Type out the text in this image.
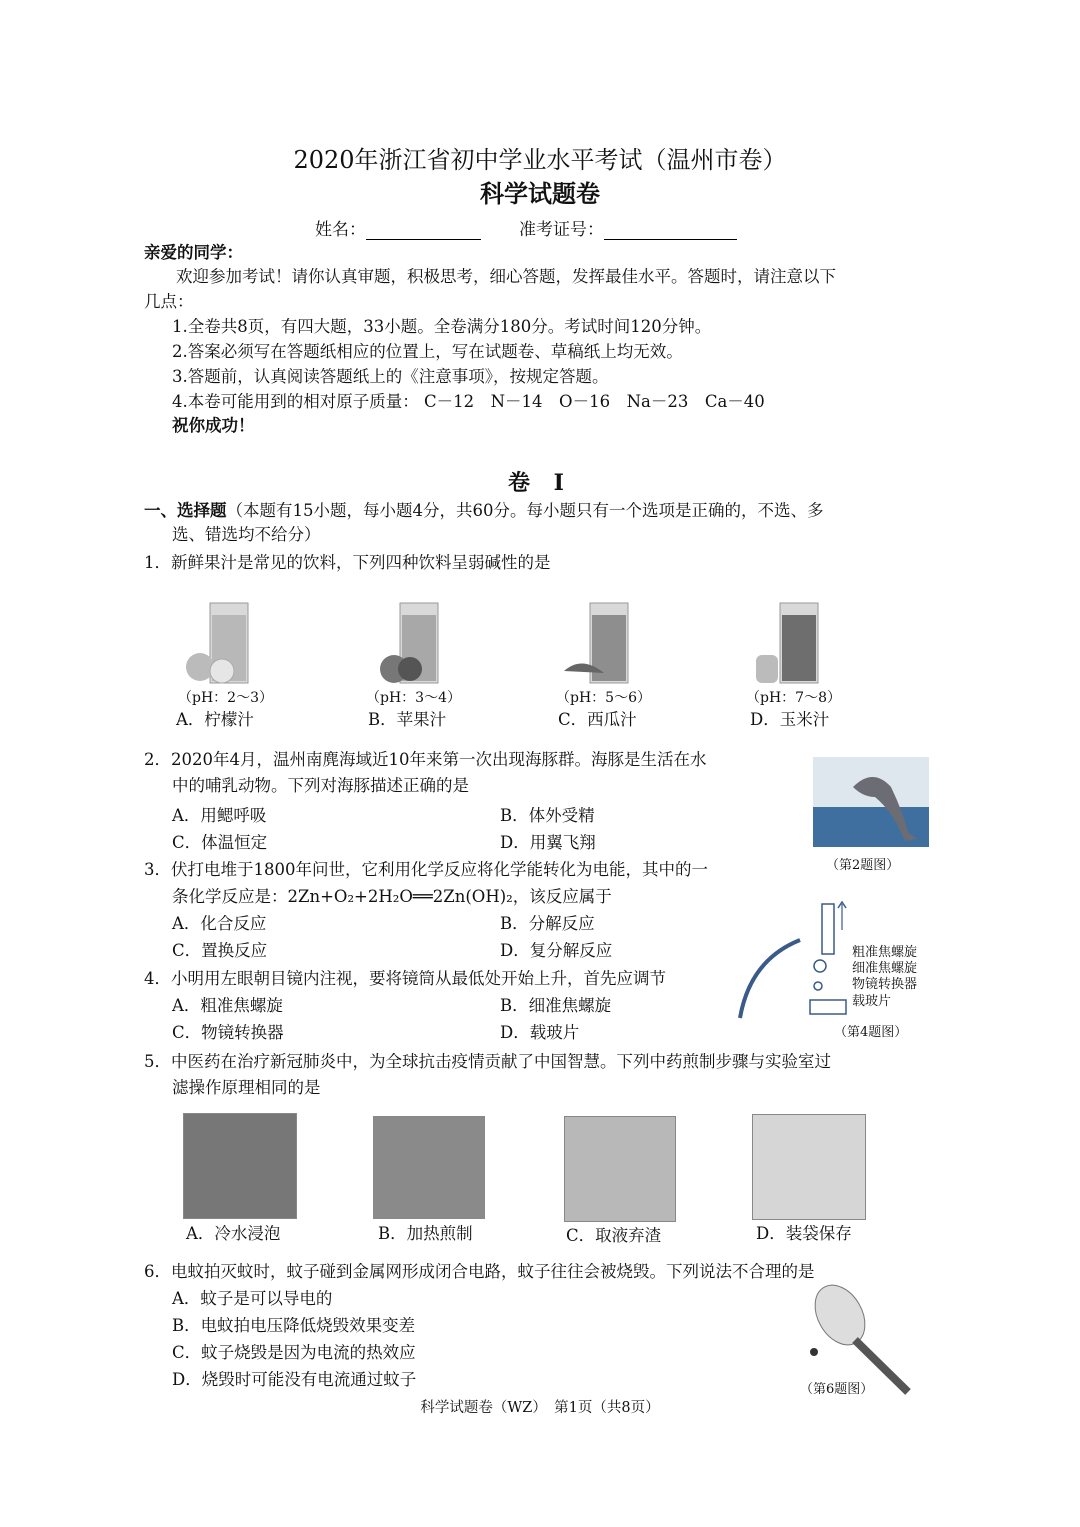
2020年浙江省初中学业水平考试（温州市卷）
科学试题卷
姓名：	准考证号：
亲爱的同学：
欢迎参加考试！请你认真审题，积极思考，细心答题，发挥最佳水平。答题时，请注意以下
几点：
1.全卷共8页，有四大题，33小题。全卷满分180分。考试时间120分钟。
2.答案必须写在答题纸相应的位置上，写在试题卷、草稿纸上均无效。
3.答题前，认真阅读答题纸上的《注意事项》，按规定答题。
4.本卷可能用到的相对原子质量： C－12　N－14　O－16　Na－23　Ca－40
祝你成功！
卷 Ⅰ
一、选择题（本题有15小题，每小题4分，共60分。每小题只有一个选项是正确的，不选、多
选、错选均不给分）
1．新鲜果汁是常见的饮料，下列四种饮料呈弱碱性的是
（pH：2～3）	（pH：3～4）	（pH：5～6）	（pH：7～8）
A．柠檬汁	B．苹果汁	C．西瓜汁	D．玉米汁
2．2020年4月，温州南麂海域近10年来第一次出现海豚群。海豚是生活在水
中的哺乳动物。下列对海豚描述正确的是
A．用鳃呼吸	B．体外受精
C．体温恒定	D．用翼飞翔
（第2题图）
3．伏打电堆于1800年问世，它利用化学反应将化学能转化为电能，其中的一
条化学反应是：2Zn+O₂+2H₂O══2Zn(OH)₂，该反应属于
A．化合反应	B．分解反应
C．置换反应	D．复分解反应
4．小明用左眼朝目镜内注视，要将镜筒从最低处开始上升，首先应调节
A．粗准焦螺旋	B．细准焦螺旋
C．物镜转换器	D．载玻片
粗准焦螺旋
细准焦螺旋
物镜转换器
载玻片
（第4题图）
5．中医药在治疗新冠肺炎中，为全球抗击疫情贡献了中国智慧。下列中药煎制步骤与实验室过
滤操作原理相同的是
A．冷水浸泡	B．加热煎制	C．取液弃渣	D．装袋保存
6．电蚊拍灭蚊时，蚊子碰到金属网形成闭合电路，蚊子往往会被烧毁。下列说法不合理的是
A．蚊子是可以导电的
B．电蚊拍电压降低烧毁效果变差
C．蚊子烧毁是因为电流的热效应
D．烧毁时可能没有电流通过蚊子
（第6题图）
科学试题卷（WZ）　第1页（共8页）
